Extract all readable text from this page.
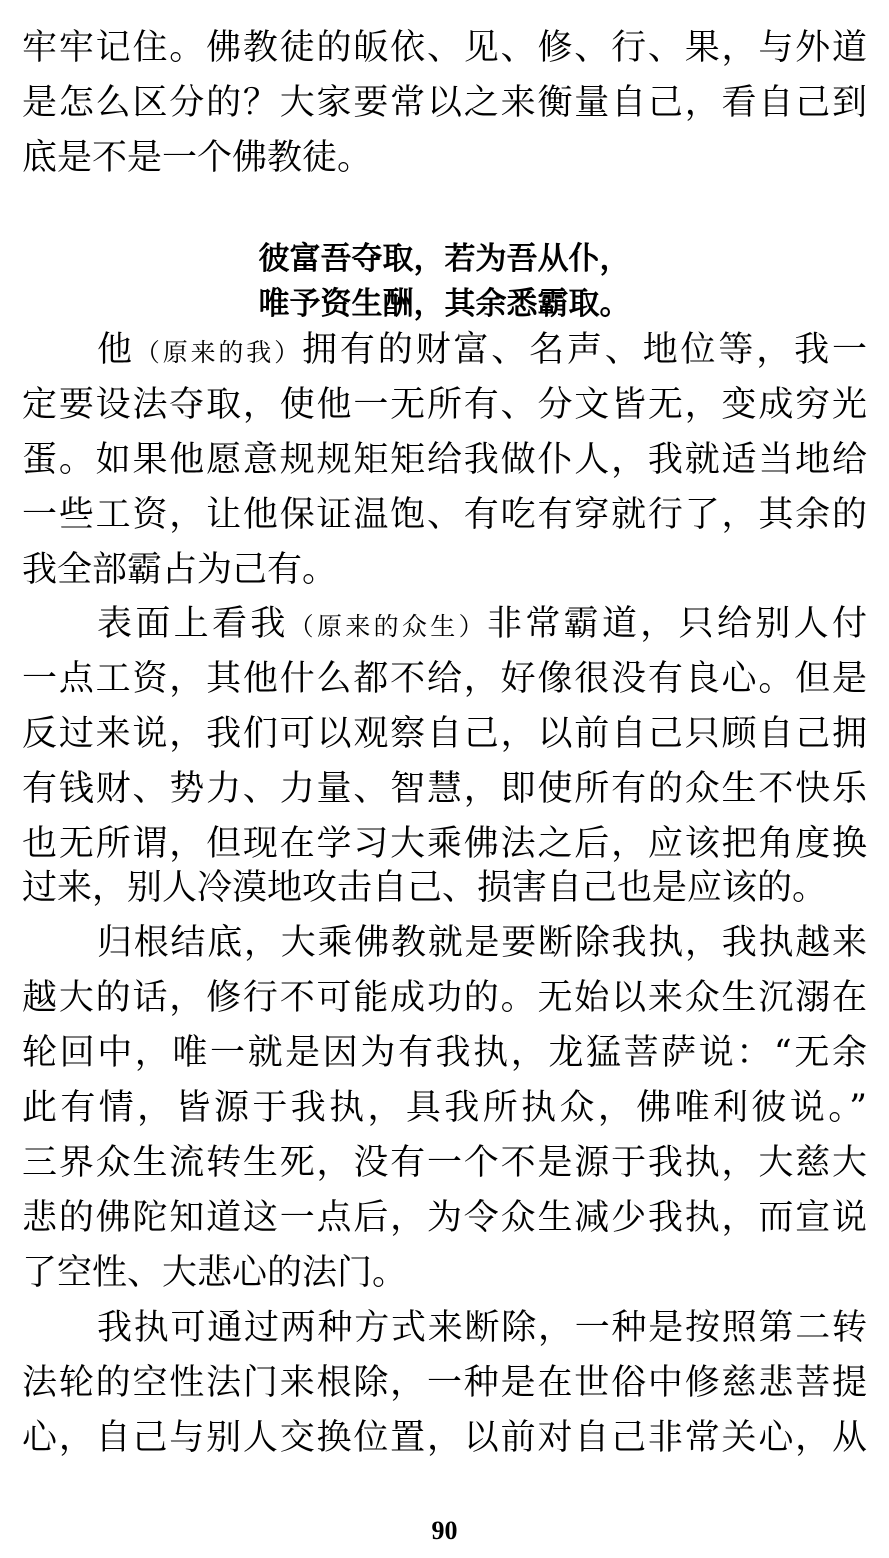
牢牢记住。佛教徒的皈依、见、修、行、果，与外道
是怎么区分的？大家要常以之来衡量自己，看自己到
底是不是一个佛教徒。
彼富吾夺取，若为吾从仆，
唯予资生酬，其余悉霸取。
他（原来的我）拥有的财富、名声、地位等，我一
定要设法夺取，使他一无所有、分文皆无，变成穷光
蛋。如果他愿意规规矩矩给我做仆人，我就适当地给
一些工资，让他保证温饱、有吃有穿就行了，其余的
我全部霸占为己有。
表面上看我（原来的众生）非常霸道，只给别人付
一点工资，其他什么都不给，好像很没有良心。但是
反过来说，我们可以观察自己，以前自己只顾自己拥
有钱财、势力、力量、智慧，即使所有的众生不快乐
也无所谓，但现在学习大乘佛法之后，应该把角度换
过来，别人冷漠地攻击自己、损害自己也是应该的。
归根结底，大乘佛教就是要断除我执，我执越来
越大的话，修行不可能成功的。无始以来众生沉溺在
轮回中，唯一就是因为有我执，龙猛菩萨说：“无余
此有情，皆源于我执，具我所执众，佛唯利彼说。”
三界众生流转生死，没有一个不是源于我执，大慈大
悲的佛陀知道这一点后，为令众生减少我执，而宣说
了空性、大悲心的法门。
我执可通过两种方式来断除，一种是按照第二转
法轮的空性法门来根除，一种是在世俗中修慈悲菩提
心，自己与别人交换位置，以前对自己非常关心，从
90
